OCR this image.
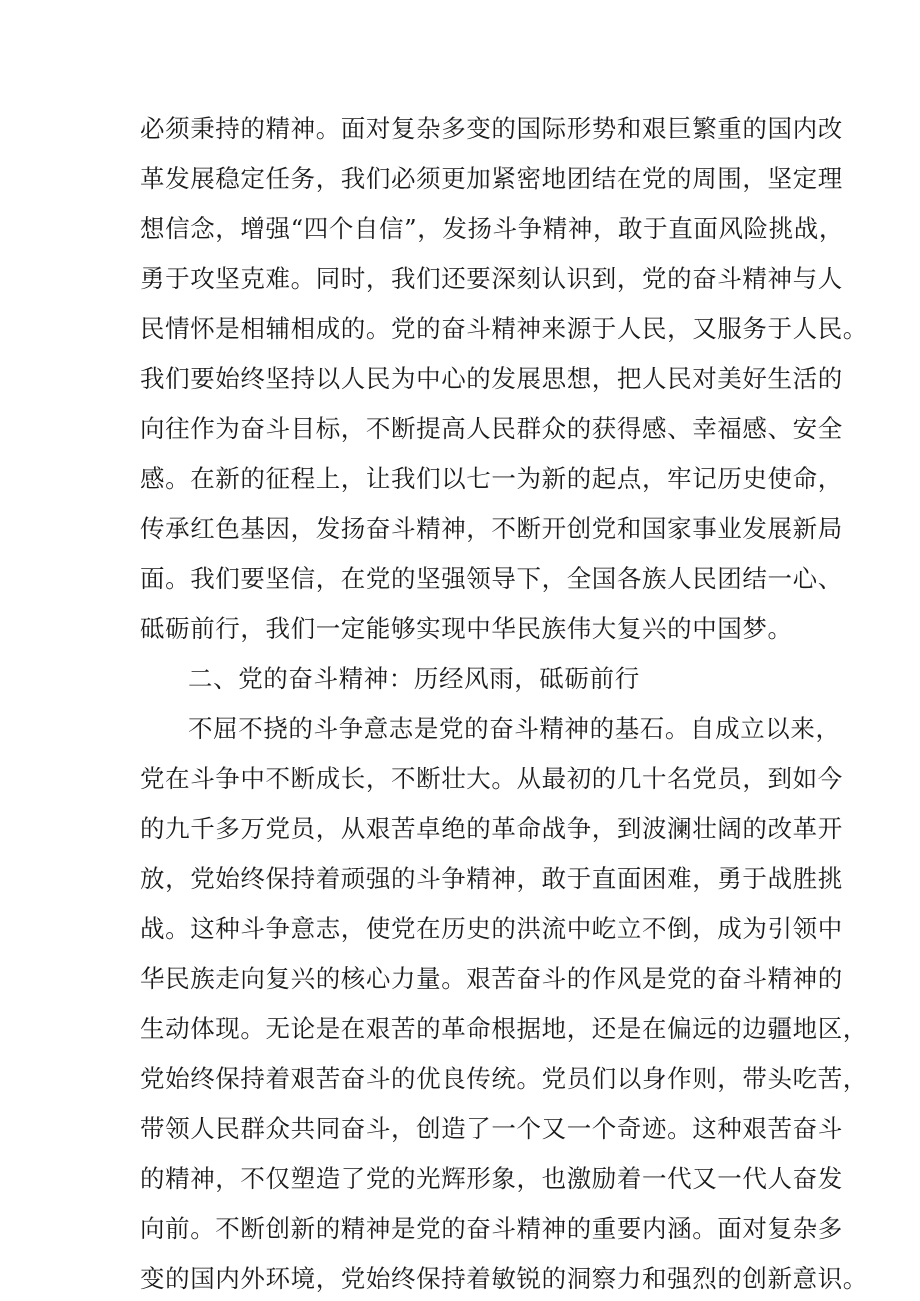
必须秉持的精神。面对复杂多变的国际形势和艰巨繁重的国内改
革发展稳定任务，我们必须更加紧密地团结在党的周围，坚定理
想信念，增强“四个自信”，发扬斗争精神，敢于直面风险挑战，
勇于攻坚克难。同时，我们还要深刻认识到，党的奋斗精神与人
民情怀是相辅相成的。党的奋斗精神来源于人民，又服务于人民。
我们要始终坚持以人民为中心的发展思想，把人民对美好生活的
向往作为奋斗目标，不断提高人民群众的获得感、幸福感、安全
感。在新的征程上，让我们以七一为新的起点，牢记历史使命，
传承红色基因，发扬奋斗精神，不断开创党和国家事业发展新局
面。我们要坚信，在党的坚强领导下，全国各族人民团结一心、
砥砺前行，我们一定能够实现中华民族伟大复兴的中国梦。
二、党的奋斗精神：历经风雨，砥砺前行
不屈不挠的斗争意志是党的奋斗精神的基石。自成立以来，
党在斗争中不断成长，不断壮大。从最初的几十名党员，到如今
的九千多万党员，从艰苦卓绝的革命战争，到波澜壮阔的改革开
放，党始终保持着顽强的斗争精神，敢于直面困难，勇于战胜挑
战。这种斗争意志，使党在历史的洪流中屹立不倒，成为引领中
华民族走向复兴的核心力量。艰苦奋斗的作风是党的奋斗精神的
生动体现。无论是在艰苦的革命根据地，还是在偏远的边疆地区，
党始终保持着艰苦奋斗的优良传统。党员们以身作则，带头吃苦，
带领人民群众共同奋斗，创造了一个又一个奇迹。这种艰苦奋斗
的精神，不仅塑造了党的光辉形象，也激励着一代又一代人奋发
向前。不断创新的精神是党的奋斗精神的重要内涵。面对复杂多
变的国内外环境，党始终保持着敏锐的洞察力和强烈的创新意识。
